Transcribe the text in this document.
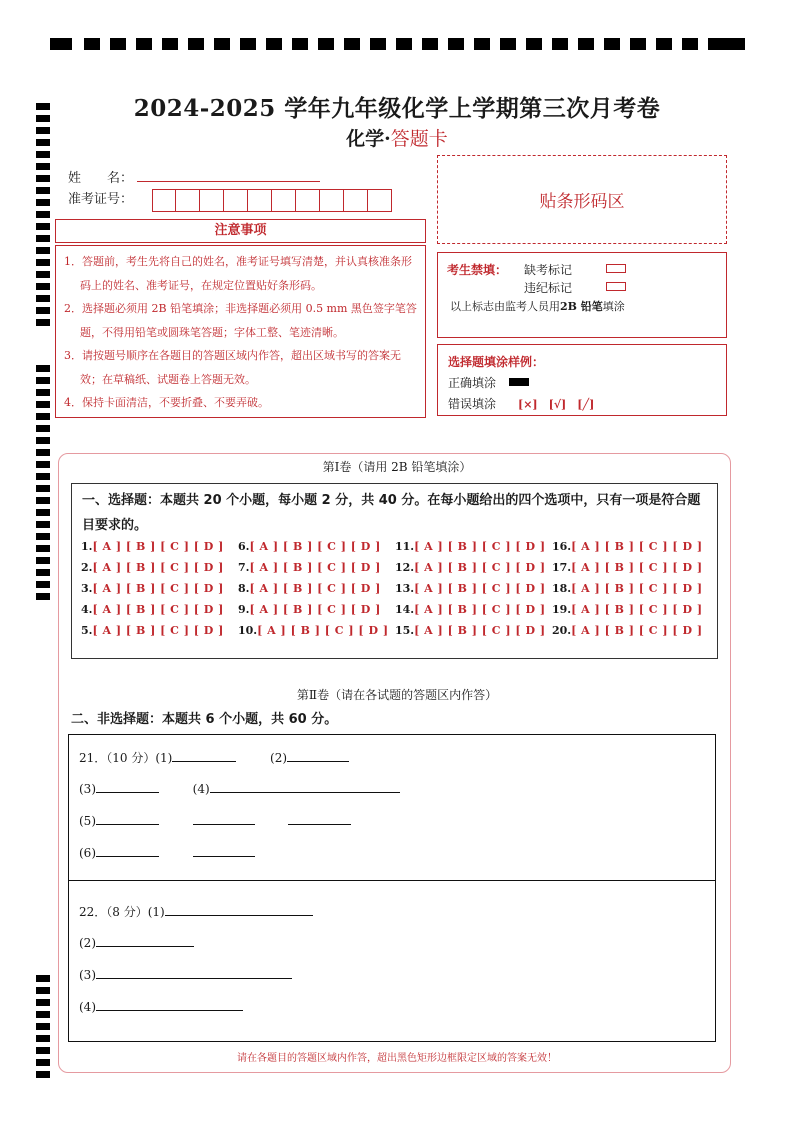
2024-2025 学年九年级化学上学期第三次月考卷
化学·答题卡
姓　　名：
准考证号：	贴条形码区
注意事项

1．答题前，考生先将自己的姓名，准考证号填写清楚，并认真核准条形码上的姓名、准考证号，在规定位置贴好条形码。

2．选择题必须用 2B 铅笔填涂；非选择题必须用 0.5 mm 黑色签字笔答题，不得用铅笔或圆珠笔答题；字体工整、笔迹清晰。

3．请按题号顺序在各题目的答题区域内作答，超出区域书写的答案无效；在草稿纸、试题卷上答题无效。

4．保持卡面清洁，不要折叠、不要弄破。

考生禁填： 缺考标记
违纪标记
以上标志由监考人员用2B 铅笔填涂
选择题填涂样例：
正确填涂
错误填涂 [×]　[√]　[╱]
第Ⅰ卷（请用 2B 铅笔填涂）
一、选择题：本题共 20 个小题，每小题 2 分，共 40 分。在每小题给出的四个选项中，只有一项是符合题目要求的。
1.[ A ] [ B ] [ C ] [ D ]
2.[ A ] [ B ] [ C ] [ D ]
3.[ A ] [ B ] [ C ] [ D ]
4.[ A ] [ B ] [ C ] [ D ]
5.[ A ] [ B ] [ C ] [ D ]
6.[ A ] [ B ] [ C ] [ D ]
7.[ A ] [ B ] [ C ] [ D ]
8.[ A ] [ B ] [ C ] [ D ]
9.[ A ] [ B ] [ C ] [ D ]
10.[ A ] [ B ] [ C ] [ D ]
11.[ A ] [ B ] [ C ] [ D ]
12.[ A ] [ B ] [ C ] [ D ]
13.[ A ] [ B ] [ C ] [ D ]
14.[ A ] [ B ] [ C ] [ D ]
15.[ A ] [ B ] [ C ] [ D ]
16.[ A ] [ B ] [ C ] [ D ]
17.[ A ] [ B ] [ C ] [ D ]
18.[ A ] [ B ] [ C ] [ D ]
19.[ A ] [ B ] [ C ] [ D ]
20.[ A ] [ B ] [ C ] [ D ]
第Ⅱ卷（请在各试题的答题区内作答）
二、非选择题：本题共 6 个小题，共 60 分。
21．（10 分）(1)	(2)
(3)	(4)
(5)
(6)
22．（8 分）(1)
(2)
(3)
(4)
请在各题目的答题区域内作答，超出黑色矩形边框限定区域的答案无效！
